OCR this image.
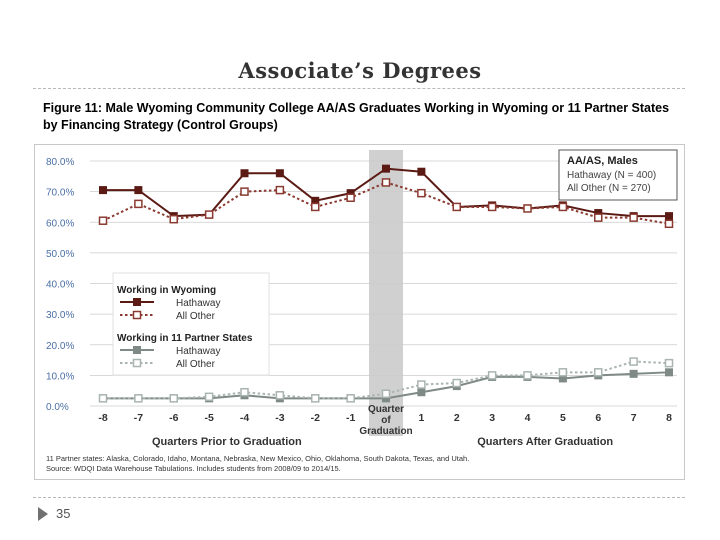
Associate’s Degrees
Figure 11: Male Wyoming Community College AA/AS Graduates Working in Wyoming or 11 Partner States by Financing Strategy (Control Groups)
0.0%
10.0%
20.0%
30.0%
40.0%
50.0%
60.0%
70.0%
80.0%
-8 -7 -6 -5 -4 -3 -2 -1	1	2	3	4	5	6	7	8
Quarter
of
Graduation
Working in Wyoming
Hathaway
All Other
Working in 11 Partner States
Hathaway
All Other
AA/AS, Males
Hathaway (N = 400)
All Other (N = 270)
Quarters Prior to Graduation	Quarters After Graduation
11 Partner states: Alaska, Colorado, Idaho, Montana, Nebraska, New Mexico, Ohio, Oklahoma, South Dakota, Texas, and Utah.
Source: WDQI Data Warehouse Tabulations. Includes students from 2008/09 to 2014/15.
35
